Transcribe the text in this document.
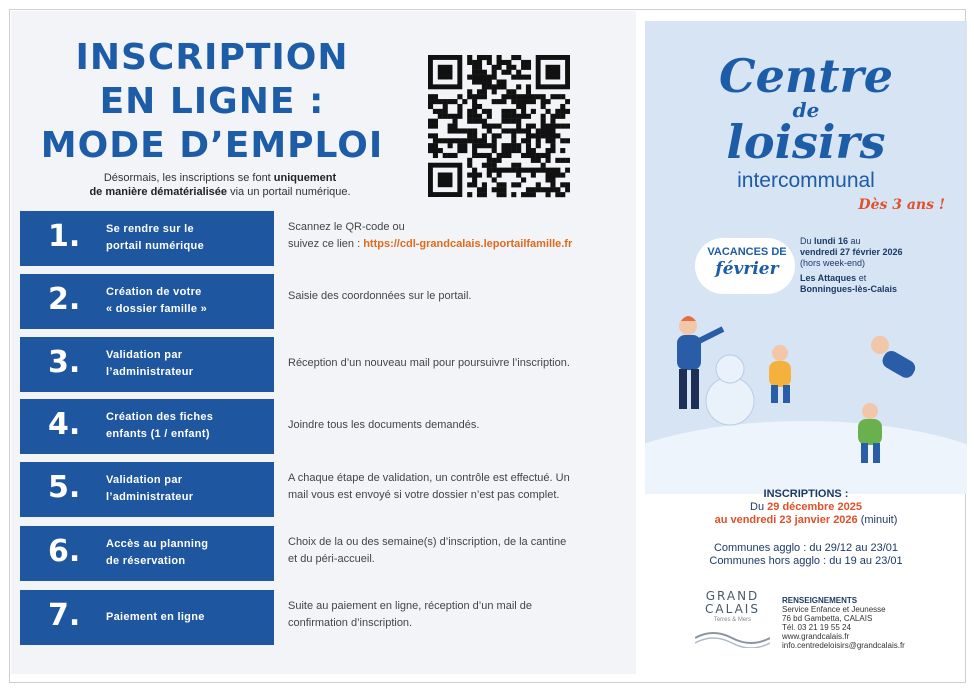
INSCRIPTION
EN LIGNE :
MODE D’EMPLOI
Désormais, les inscriptions se font uniquement
de manière dématérialisée via un portail numérique.
1. Se rendre sur le
portail numérique
Scannez le QR-code ou
suivez ce lien : https://cdl-grandcalais.leportailfamille.fr
2. Création de votre
« dossier famille »
Saisie des coordonnées sur le portail.
3. Validation par
l’administrateur
Réception d’un nouveau mail pour poursuivre l’inscription.
4. Création des fiches
enfants (1 / enfant)
Joindre tous les documents demandés.
5. Validation par
l’administrateur
A chaque étape de validation, un contrôle est effectué. Un
mail vous est envoyé si votre dossier n’est pas complet.
6. Accès au planning
de réservation
Choix de la ou des semaine(s) d’inscription, de la cantine
et du péri-accueil.
7. Paiement en ligne
Suite au paiement en ligne, réception d’un mail de
confirmation d’inscription.
Centre
de
loisirs
intercommunal
Dès 3 ans !
VACANCES DE
février
Du lundi 16 au
vendredi 27 février 2026
(hors week-end)
Les Attaques et
Bonningues-lès-Calais
INSCRIPTIONS :
Du 29 décembre 2025
au vendredi 23 janvier 2026 (minuit)
Communes agglo : du 29/12 au 23/01
Communes hors agglo : du 19 au 23/01
GRAND
CALAIS
Terres & Mers
RENSEIGNEMENTS
Service Enfance et Jeunesse
76 bd Gambetta, CALAIS
Tél. 03 21 19 55 24
www.grandcalais.fr
info.centredeloisirs@grandcalais.fr
